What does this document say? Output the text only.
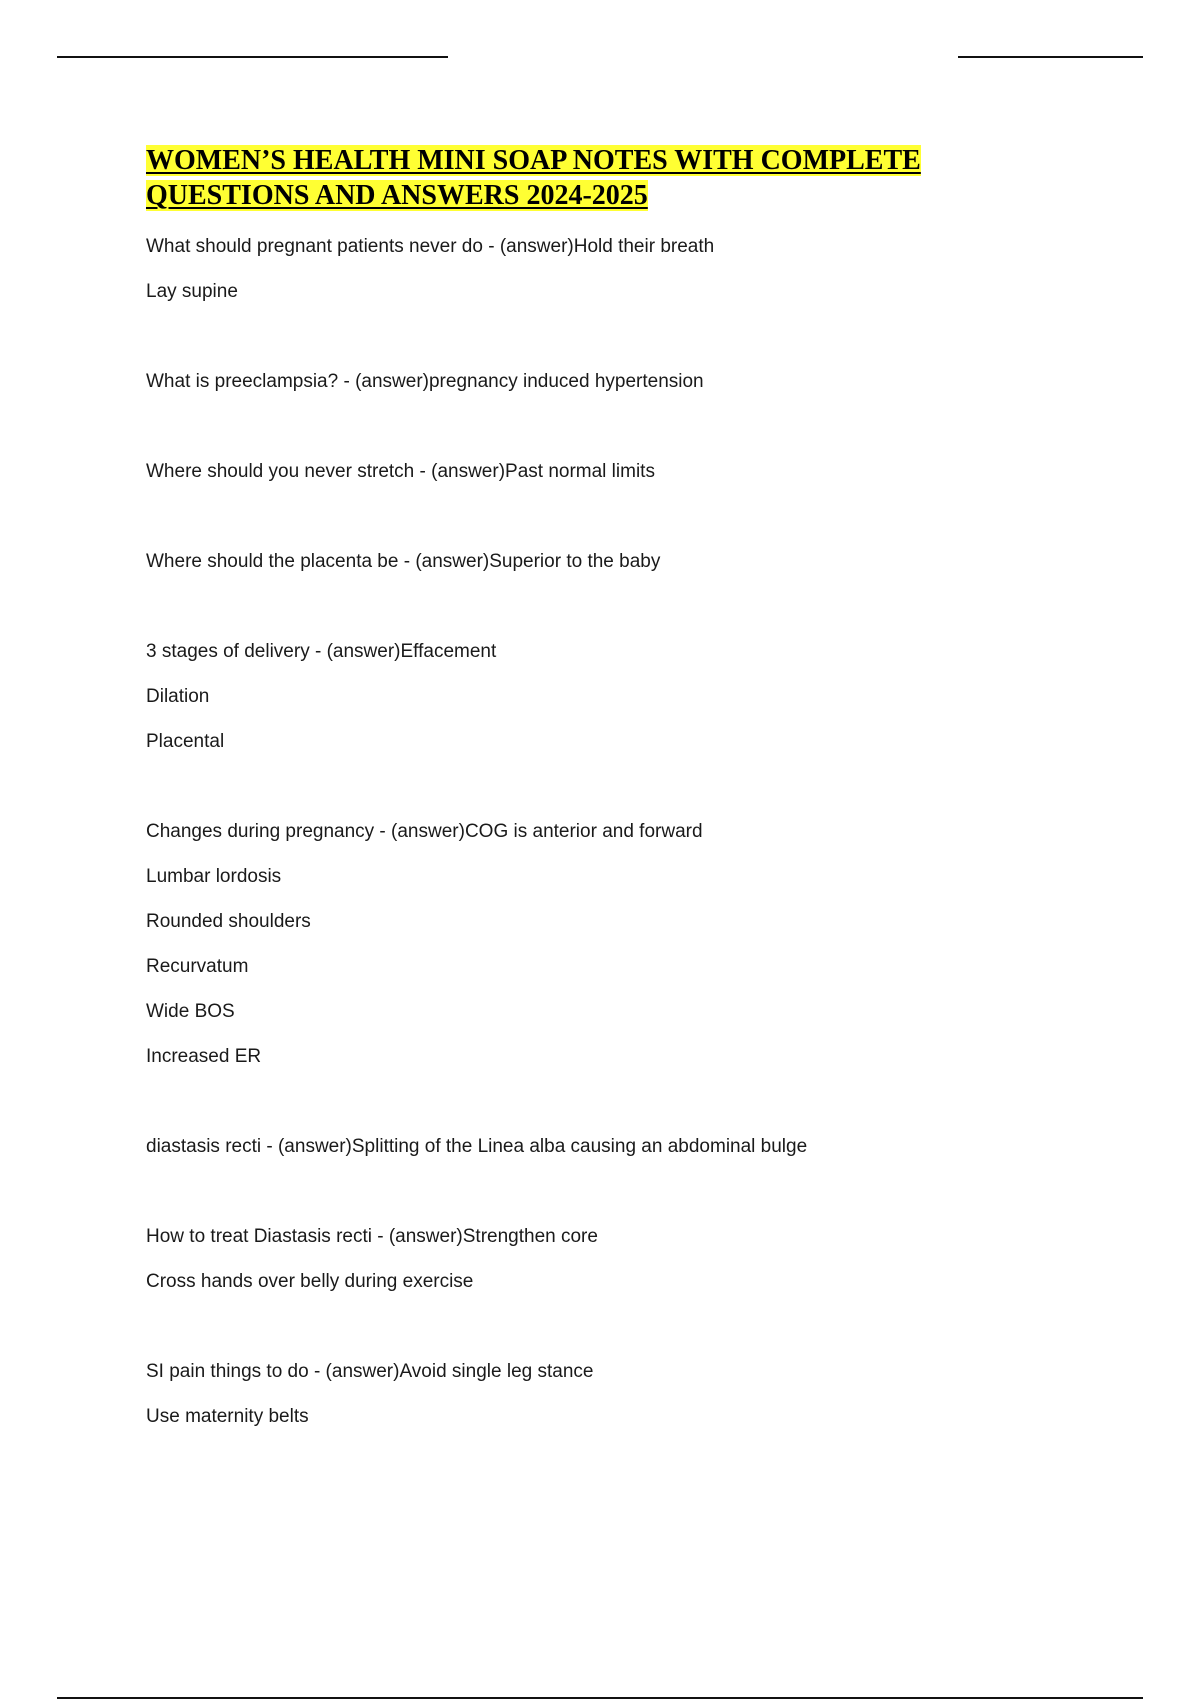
WOMEN’S HEALTH MINI SOAP NOTES WITH COMPLETE
QUESTIONS AND ANSWERS 2024-2025
What should pregnant patients never do - (answer)Hold their breath
Lay supine
What is preeclampsia? - (answer)pregnancy induced hypertension
Where should you never stretch - (answer)Past normal limits
Where should the placenta be - (answer)Superior to the baby
3 stages of delivery - (answer)Effacement
Dilation
Placental
Changes during pregnancy - (answer)COG is anterior and forward
Lumbar lordosis
Rounded shoulders
Recurvatum
Wide BOS
Increased ER
diastasis recti - (answer)Splitting of the Linea alba causing an abdominal bulge
How to treat Diastasis recti - (answer)Strengthen core
Cross hands over belly during exercise
SI pain things to do - (answer)Avoid single leg stance
Use maternity belts
